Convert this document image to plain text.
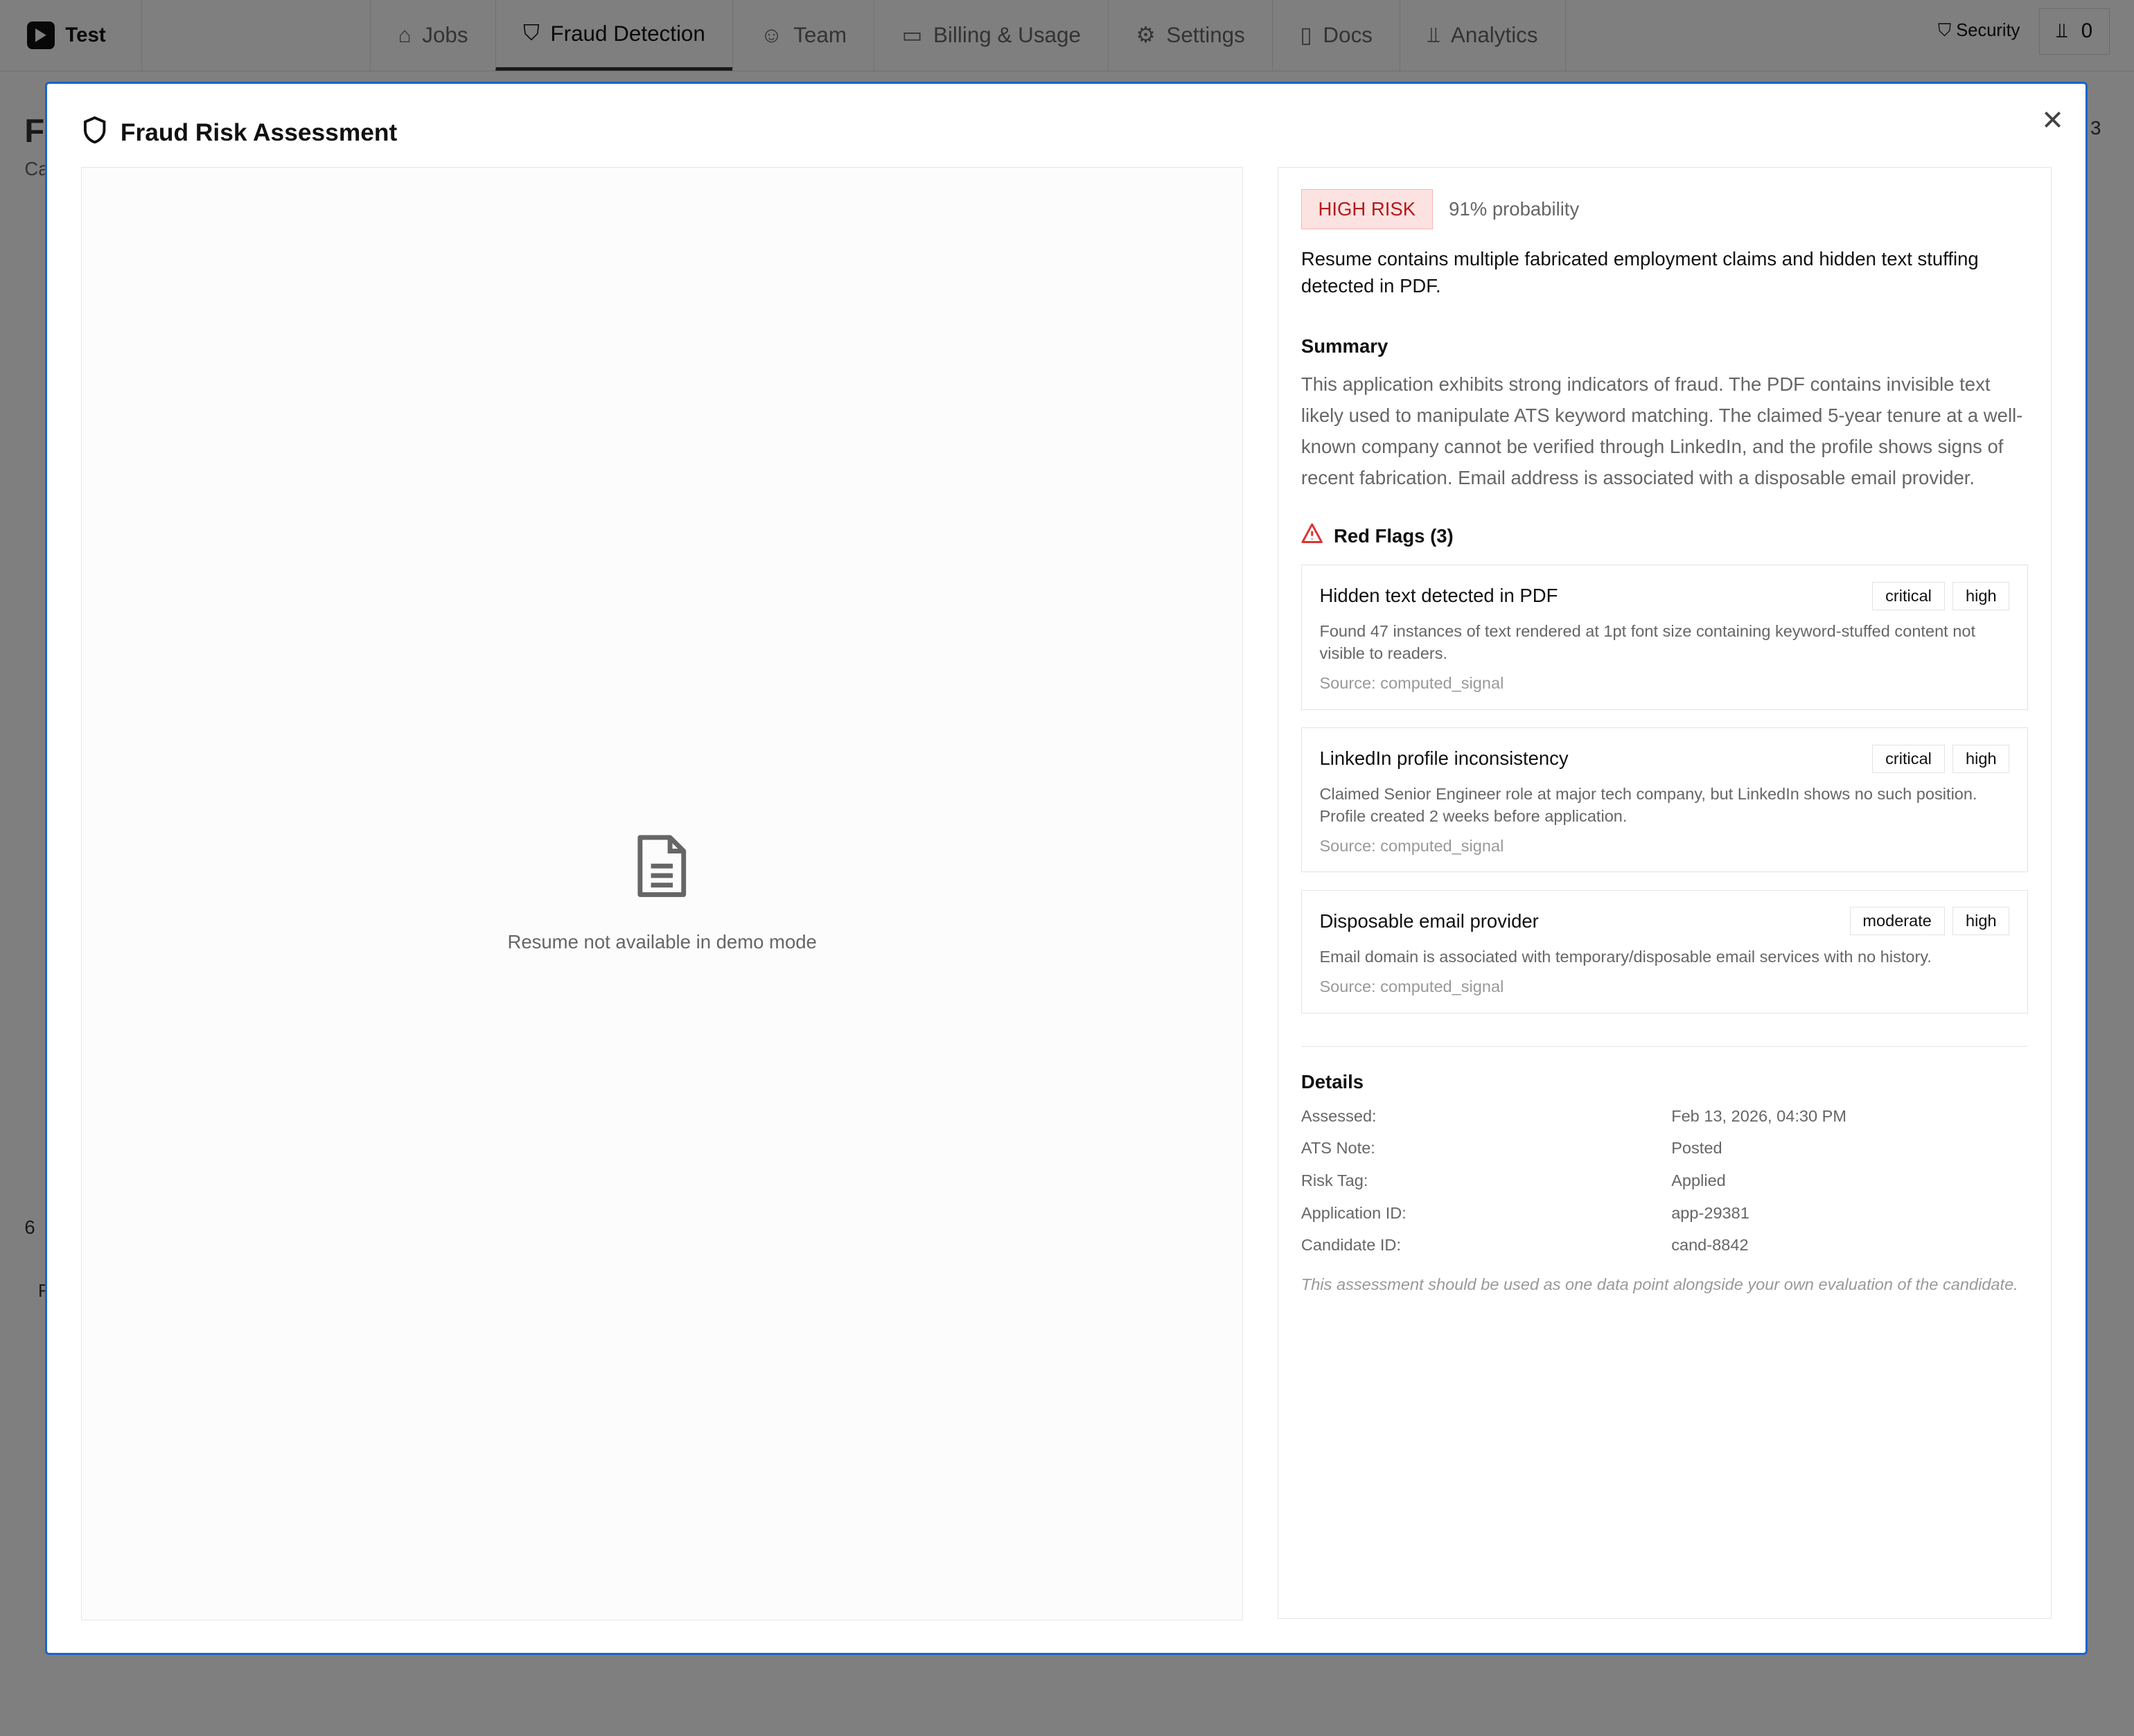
Fraud Risk Assessment	✕
Resume not available in demo mode
HIGH RISK	91% probability
Resume contains multiple fabricated employment claims and hidden text stuffing detected in PDF.
Summary
This application exhibits strong indicators of fraud. The PDF contains invisible text likely used to manipulate ATS keyword matching. The claimed 5-year tenure at a well-known company cannot be verified through LinkedIn, and the profile shows signs of recent fabrication. Email address is associated with a disposable email provider.
Red Flags (3)
Hidden text detected in PDF	critical	high
Found 47 instances of text rendered at 1pt font size containing keyword-stuffed content not visible to readers.
Source: computed_signal
LinkedIn profile inconsistency	critical	high
Claimed Senior Engineer role at major tech company, but LinkedIn shows no such position. Profile created 2 weeks before application.
Source: computed_signal
Disposable email provider	moderate	high
Email domain is associated with temporary/disposable email services with no history.
Source: computed_signal
Details
Assessed:	Feb 13, 2026, 04:30 PM
ATS Note:	Posted
Risk Tag:	Applied
Application ID:	app-29381
Candidate ID:	cand-8842
This assessment should be used as one data point alongside your own evaluation of the candidate.
